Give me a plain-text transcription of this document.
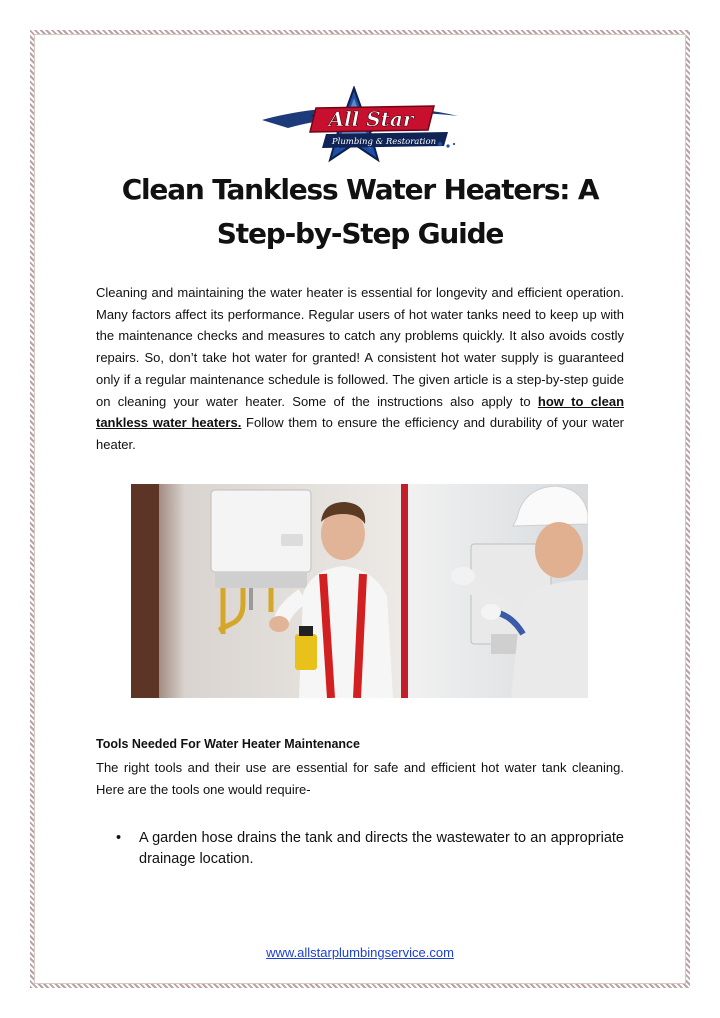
All Star
Plumbing & Restoration
Clean Tankless Water Heaters: A Step-by-Step Guide

Cleaning and maintaining the water heater is essential for longevity and efficient operation. Many factors affect its performance. Regular users of hot water tanks need to keep up with the maintenance checks and measures to catch any problems quickly. It also avoids costly repairs. So, don’t take hot water for granted! A consistent hot water supply is guaranteed only if a regular maintenance schedule is followed. The given article is a step-by-step guide on cleaning your water heater. Some of the instructions also apply to how to clean tankless water heaters. Follow them to ensure the efficiency and durability of your water heater.

Tools Needed For Water Heater Maintenance

The right tools and their use are essential for safe and efficient hot water tank cleaning. Here are the tools one would require-

• A garden hose drains the tank and directs the wastewater to an appropriate drainage location.
www.allstarplumbingservice.com
